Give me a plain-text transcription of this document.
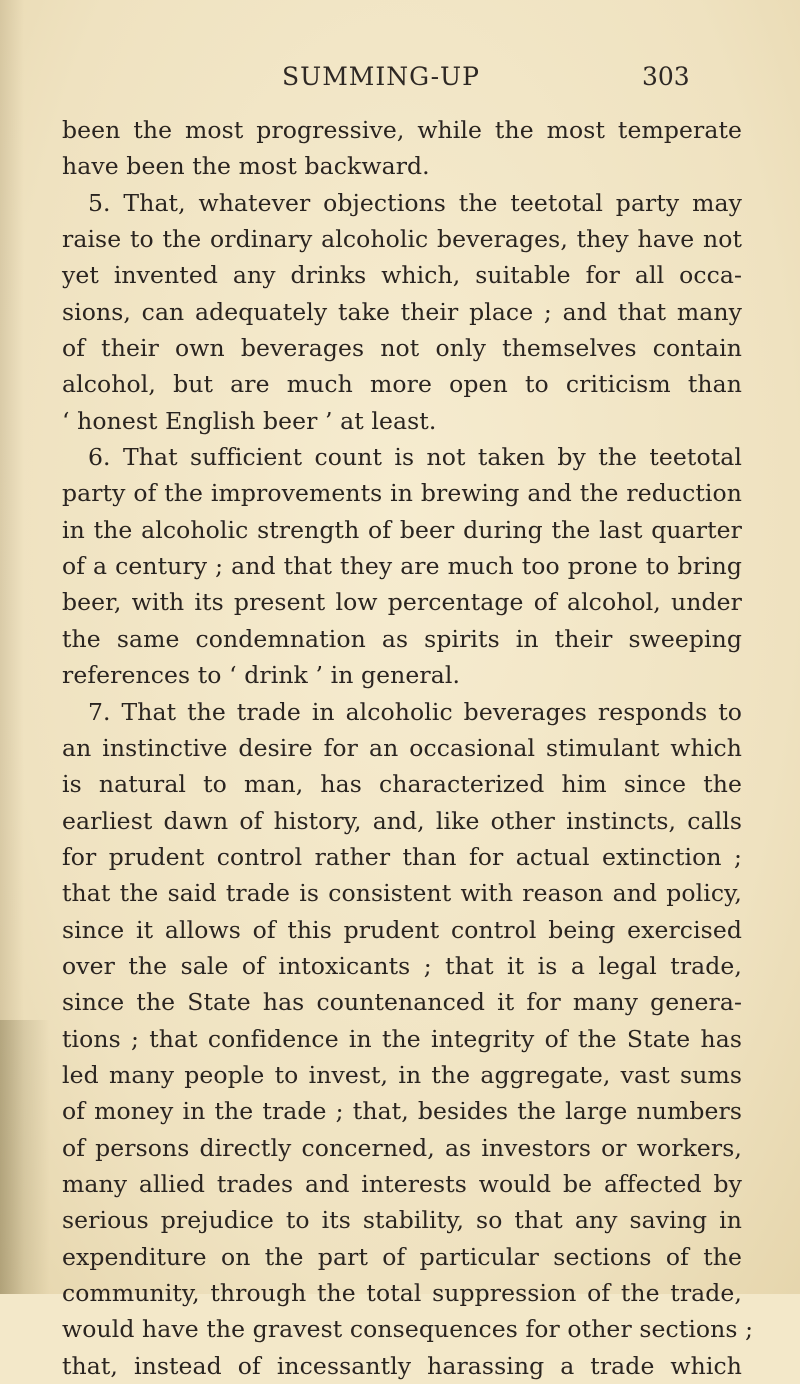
SUMMING-UP	303
been the most progressive, while the most temperate
have been the most backward.
5. That, whatever objections the teetotal party may
raise to the ordinary alcoholic beverages, they have not
yet invented any drinks which, suitable for all occa-
sions, can adequately take their place ; and that many
of their own beverages not only themselves contain
alcohol, but are much more open to criticism than
‘ honest English beer ’ at least.
6. That sufficient count is not taken by the teetotal
party of the improvements in brewing and the reduction
in the alcoholic strength of beer during the last quarter
of a century ; and that they are much too prone to bring
beer, with its present low percentage of alcohol, under
the same condemnation as spirits in their sweeping
references to ‘ drink ’ in general.
7. That the trade in alcoholic beverages responds to
an instinctive desire for an occasional stimulant which
is natural to man, has characterized him since the
earliest dawn of history, and, like other instincts, calls
for prudent control rather than for actual extinction ;
that the said trade is consistent with reason and policy,
since it allows of this prudent control being exercised
over the sale of intoxicants ; that it is a legal trade,
since the State has countenanced it for many genera-
tions ; that confidence in the integrity of the State has
led many people to invest, in the aggregate, vast sums
of money in the trade ; that, besides the large numbers
of persons directly concerned, as investors or workers,
many allied trades and interests would be affected by
serious prejudice to its stability, so that any saving in
expenditure on the part of particular sections of the
community, through the total suppression of the trade,
would have the gravest consequences for other sections ;
that, instead of incessantly harassing a trade which
